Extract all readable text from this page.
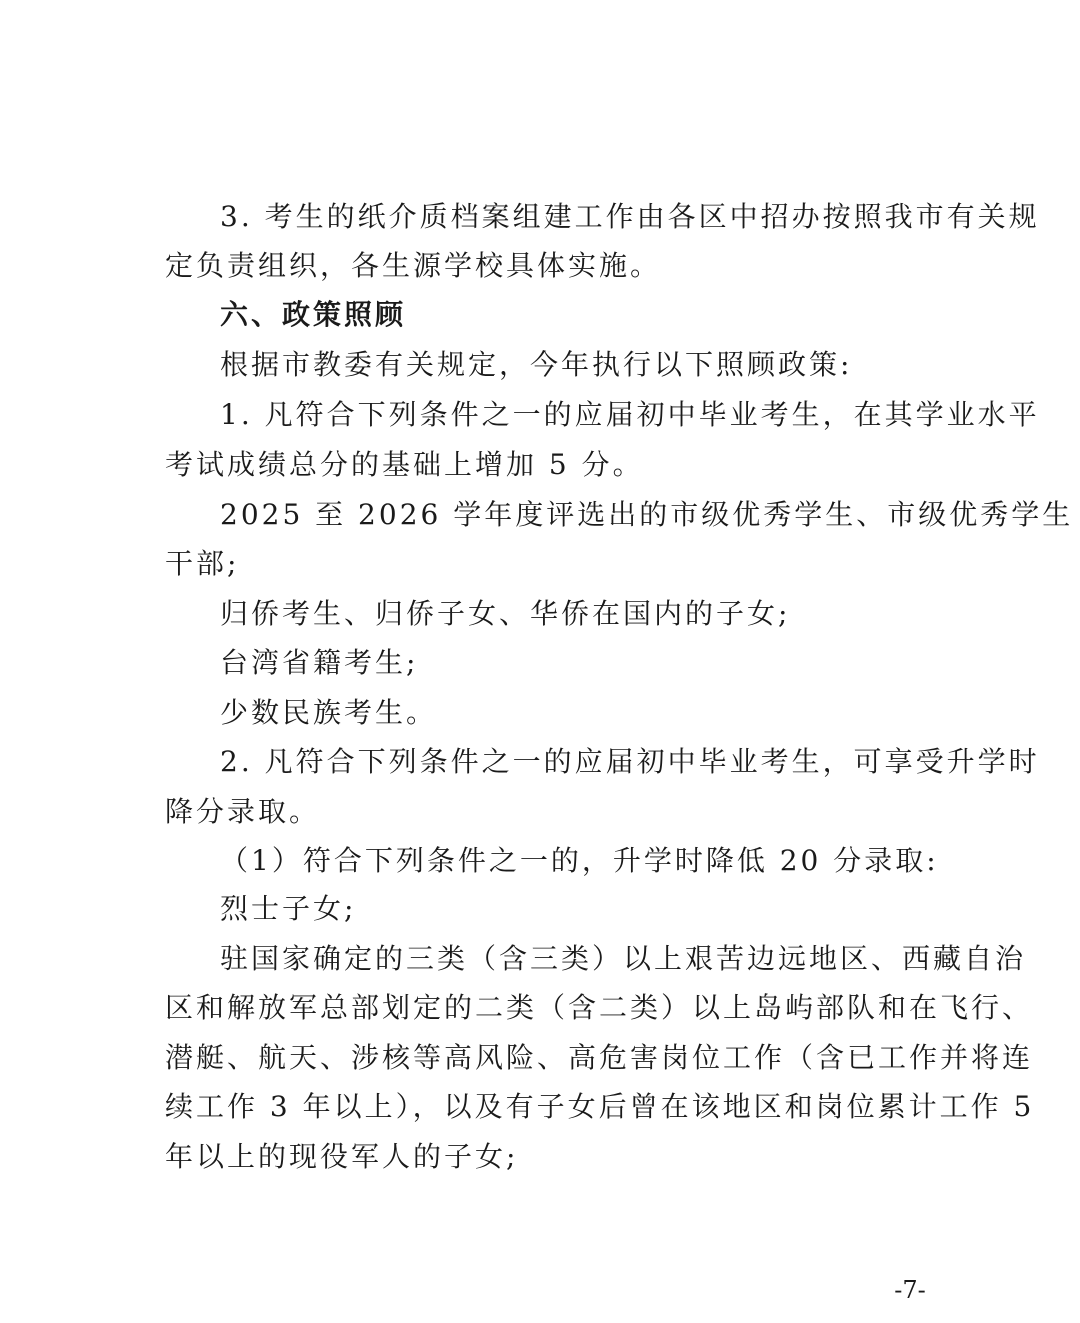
3. 考生的纸介质档案组建工作由各区中招办按照我市有关规
定负责组织，各生源学校具体实施。
六、政策照顾
根据市教委有关规定，今年执行以下照顾政策:
1. 凡符合下列条件之一的应届初中毕业考生，在其学业水平
考试成绩总分的基础上增加 5 分。
2025 至 2026 学年度评选出的市级优秀学生、市级优秀学生
干部;
归侨考生、归侨子女、华侨在国内的子女;
台湾省籍考生;
少数民族考生。
2. 凡符合下列条件之一的应届初中毕业考生，可享受升学时
降分录取。
（1）符合下列条件之一的，升学时降低 20 分录取:
烈士子女;
驻国家确定的三类（含三类）以上艰苦边远地区、西藏自治
区和解放军总部划定的二类（含二类）以上岛屿部队和在飞行、
潜艇、航天、涉核等高风险、高危害岗位工作（含已工作并将连
续工作 3 年以上），以及有子女后曾在该地区和岗位累计工作 5
年以上的现役军人的子女;
-7-
